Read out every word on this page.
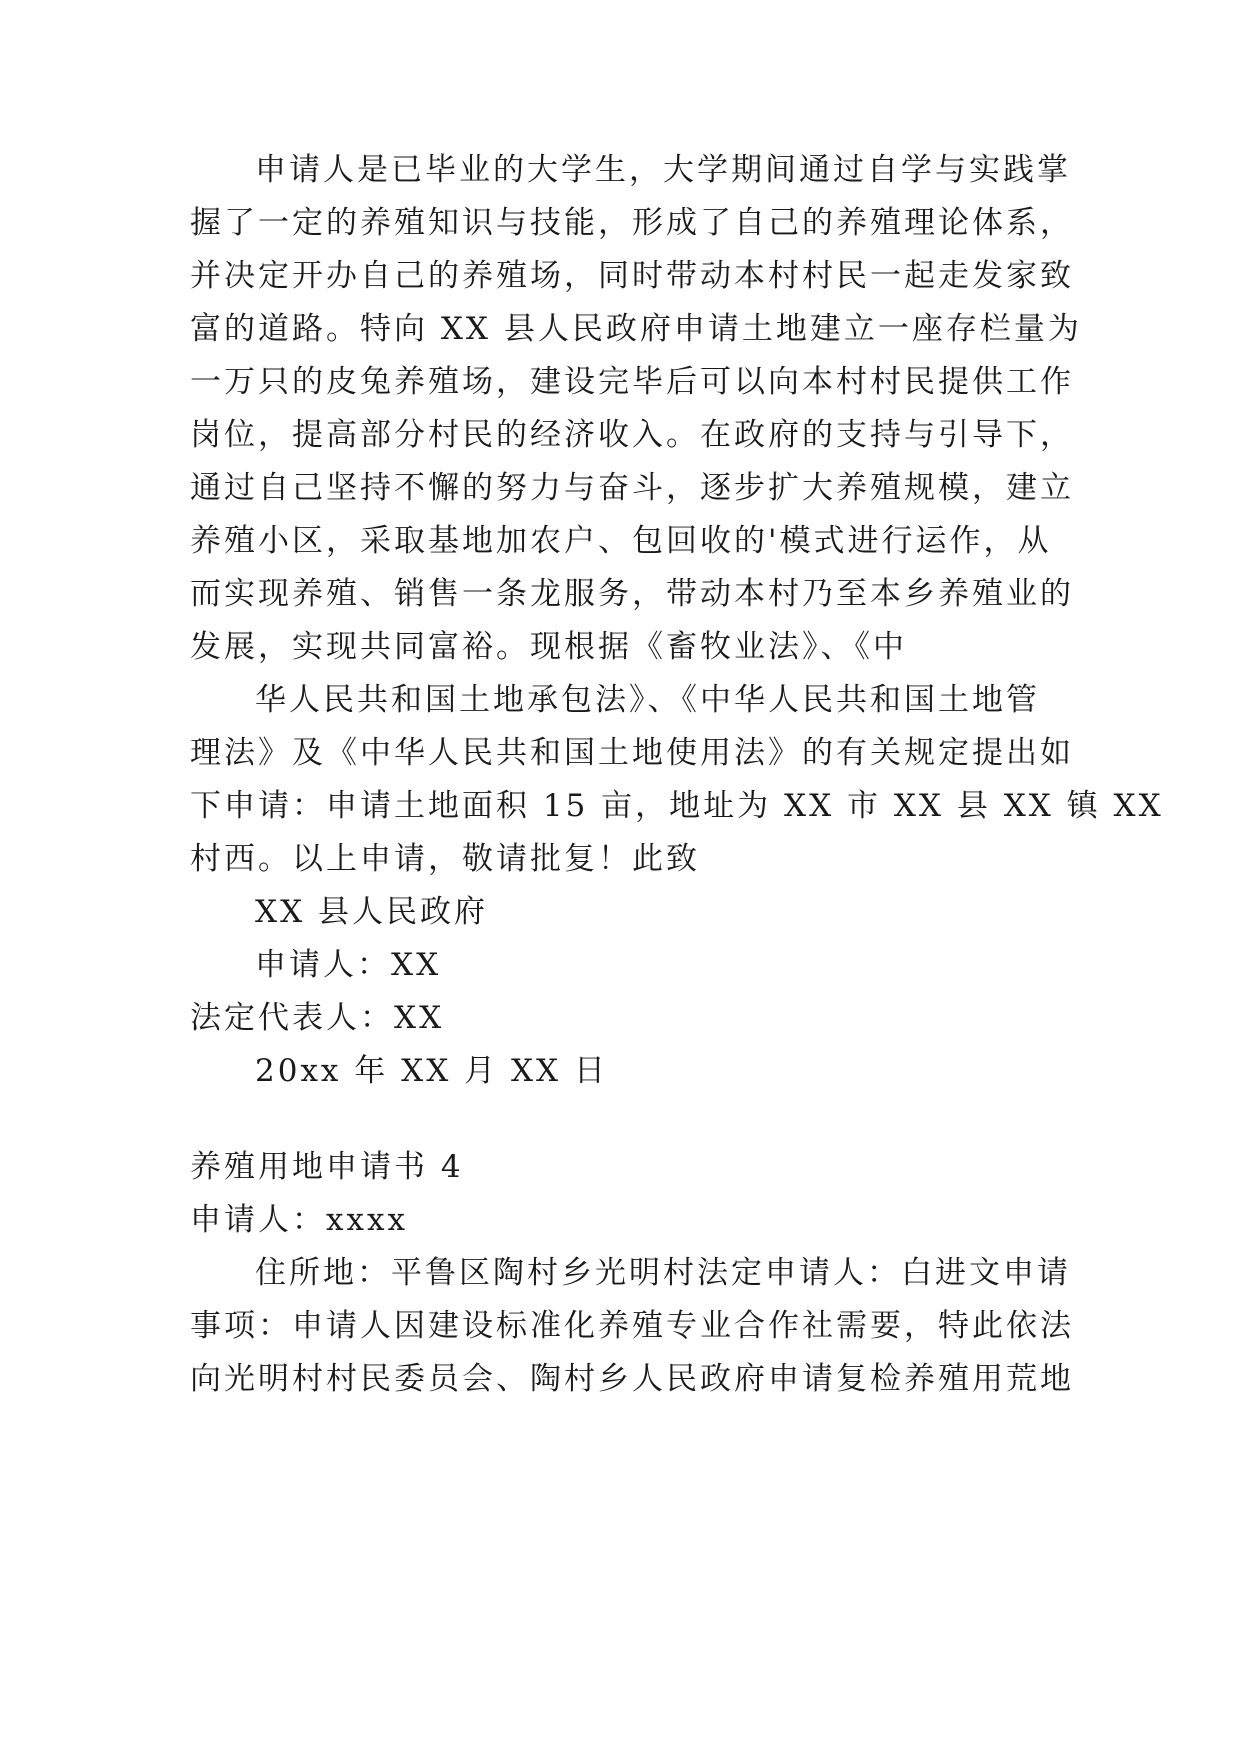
申请人是已毕业的大学生，大学期间通过自学与实践掌
握了一定的养殖知识与技能，形成了自己的养殖理论体系，
并决定开办自己的养殖场，同时带动本村村民一起走发家致
富的道路。特向 XX 县人民政府申请土地建立一座存栏量为
一万只的皮兔养殖场，建设完毕后可以向本村村民提供工作
岗位，提高部分村民的经济收入。在政府的支持与引导下，
通过自己坚持不懈的努力与奋斗，逐步扩大养殖规模，建立
养殖小区，采取基地加农户、包回收的'模式进行运作，从
而实现养殖、销售一条龙服务，带动本村乃至本乡养殖业的
发展，实现共同富裕。现根据《畜牧业法》、《中
华人民共和国土地承包法》、《中华人民共和国土地管
理法》及《中华人民共和国土地使用法》的有关规定提出如
下申请：申请土地面积 15 亩，地址为 XX 市 XX 县 XX 镇 XX
村西。以上申请，敬请批复！此致
XX 县人民政府
申请人：XX
法定代表人：XX
20xx 年 XX 月 XX 日
养殖用地申请书 4
申请人：xxxx
住所地：平鲁区陶村乡光明村法定申请人：白进文申请
事项：申请人因建设标准化养殖专业合作社需要，特此依法
向光明村村民委员会、陶村乡人民政府申请复检养殖用荒地
